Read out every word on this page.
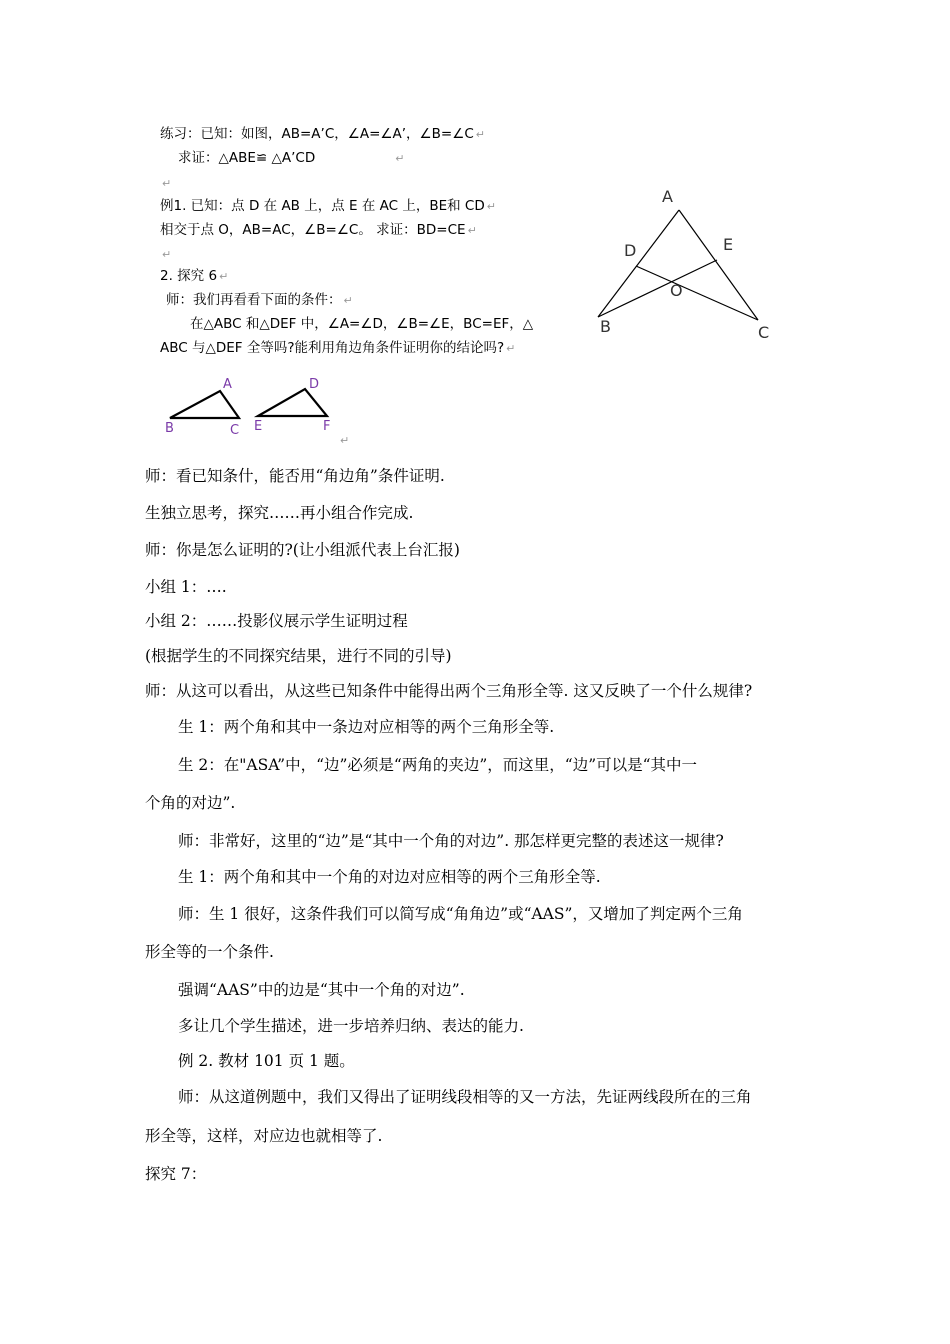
练习：已知：如图，AB=A’C，∠A=∠A’，∠B=∠C ↵
求证：△ABE≌ △A’CD	↵
↵
例1. 已知：点 D 在 AB 上，点 E 在 AC 上，BE和 CD ↵
相交于点 O，AB=AC，∠B=∠C。 求证：BD=CE ↵
↵
2. 探究 6 ↵
师：我们再看看下面的条件： ↵
在△ABC 和△DEF 中，∠A=∠D，∠B=∠E，BC=EF，△
ABC 与△DEF 全等吗?能利用角边角条件证明你的结论吗? ↵
A
D	E
O
B	C
A
B	C
D
E	F
↵
师：看已知条什，能否用“角边角”条件证明.
生独立思考，探究……再小组合作完成.
师：你是怎么证明的?(让小组派代表上台汇报)
小组 1：….
小组 2：……投影仪展示学生证明过程
(根据学生的不同探究结果，进行不同的引导)
师：从这可以看出，从这些已知条件中能得出两个三角形全等. 这又反映了一个什么规律?
生 1：两个角和其中一条边对应相等的两个三角形全等.
生 2：在"ASA”中，“边”必须是“两角的夹边”，而这里，“边”可以是“其中一
个角的对边”.
师：非常好，这里的“边”是“其中一个角的对边”. 那怎样更完整的表述这一规律?
生 1：两个角和其中一个角的对边对应相等的两个三角形全等.
师：生 1 很好，这条件我们可以简写成“角角边”或“AAS”，又增加了判定两个三角
形全等的一个条件.
强调“AAS”中的边是“其中一个角的对边”.
多让几个学生描述，进一步培养归纳、表达的能力.
例 2. 教材 101 页 1 题。
师：从这道例题中，我们又得出了证明线段相等的又一方法，先证两线段所在的三角
形全等，这样，对应边也就相等了.
探究 7：
